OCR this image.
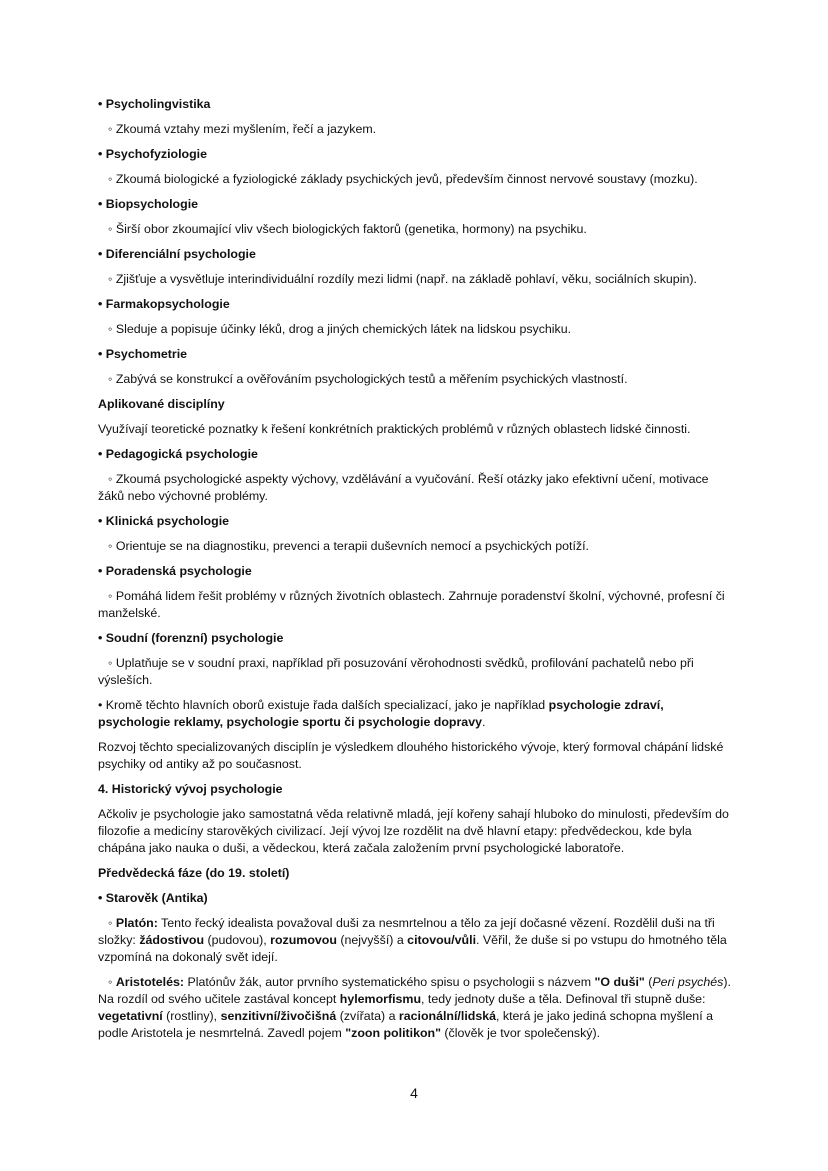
• Psycholingvistika

◦ Zkoumá vztahy mezi myšlením, řečí a jazykem.

• Psychofyziologie

◦ Zkoumá biologické a fyziologické základy psychických jevů, především činnost nervové soustavy (mozku).

• Biopsychologie

◦ Širší obor zkoumající vliv všech biologických faktorů (genetika, hormony) na psychiku.

• Diferenciální psychologie

◦ Zjišťuje a vysvětluje interindividuální rozdíly mezi lidmi (např. na základě pohlaví, věku, sociálních skupin).

• Farmakopsychologie

◦ Sleduje a popisuje účinky léků, drog a jiných chemických látek na lidskou psychiku.

• Psychometrie

◦ Zabývá se konstrukcí a ověřováním psychologických testů a měřením psychických vlastností.

Aplikované disciplíny

Využívají teoretické poznatky k řešení konkrétních praktických problémů v různých oblastech lidské činnosti.

• Pedagogická psychologie

◦ Zkoumá psychologické aspekty výchovy, vzdělávání a vyučování. Řeší otázky jako efektivní učení, motivace žáků nebo výchovné problémy.

• Klinická psychologie

◦ Orientuje se na diagnostiku, prevenci a terapii duševních nemocí a psychických potíží.

• Poradenská psychologie

◦ Pomáhá lidem řešit problémy v různých životních oblastech. Zahrnuje poradenství školní, výchovné, profesní či manželské.

• Soudní (forenzní) psychologie

◦ Uplatňuje se v soudní praxi, například při posuzování věrohodnosti svědků, profilování pachatelů nebo při výsleších.

• Kromě těchto hlavních oborů existuje řada dalších specializací, jako je například psychologie zdraví, psychologie reklamy, psychologie sportu či psychologie dopravy.

Rozvoj těchto specializovaných disciplín je výsledkem dlouhého historického vývoje, který formoval chápání lidské psychiky od antiky až po současnost.

4. Historický vývoj psychologie

Ačkoliv je psychologie jako samostatná věda relativně mladá, její kořeny sahají hluboko do minulosti, především do filozofie a medicíny starověkých civilizací. Její vývoj lze rozdělit na dvě hlavní etapy: předvědeckou, kde byla chápána jako nauka o duši, a vědeckou, která začala založením první psychologické laboratoře.

Předvědecká fáze (do 19. století)

• Starověk (Antika)

◦ Platón: Tento řecký idealista považoval duši za nesmrtelnou a tělo za její dočasné vězení. Rozdělil duši na tři složky: žádostivou (pudovou), rozumovou (nejvyšší) a citovou/vůli. Věřil, že duše si po vstupu do hmotného těla vzpomíná na dokonalý svět idejí.

◦ Aristotelés: Platónův žák, autor prvního systematického spisu o psychologii s názvem "O duši" (Peri psychés). Na rozdíl od svého učitele zastával koncept hylemorfismu, tedy jednoty duše a těla. Definoval tři stupně duše: vegetativní (rostliny), senzitivní/živočišná (zvířata) a racionální/lidská, která je jako jediná schopna myšlení a podle Aristotela je nesmrtelná. Zavedl pojem "zoon politikon" (člověk je tvor společenský).

4
